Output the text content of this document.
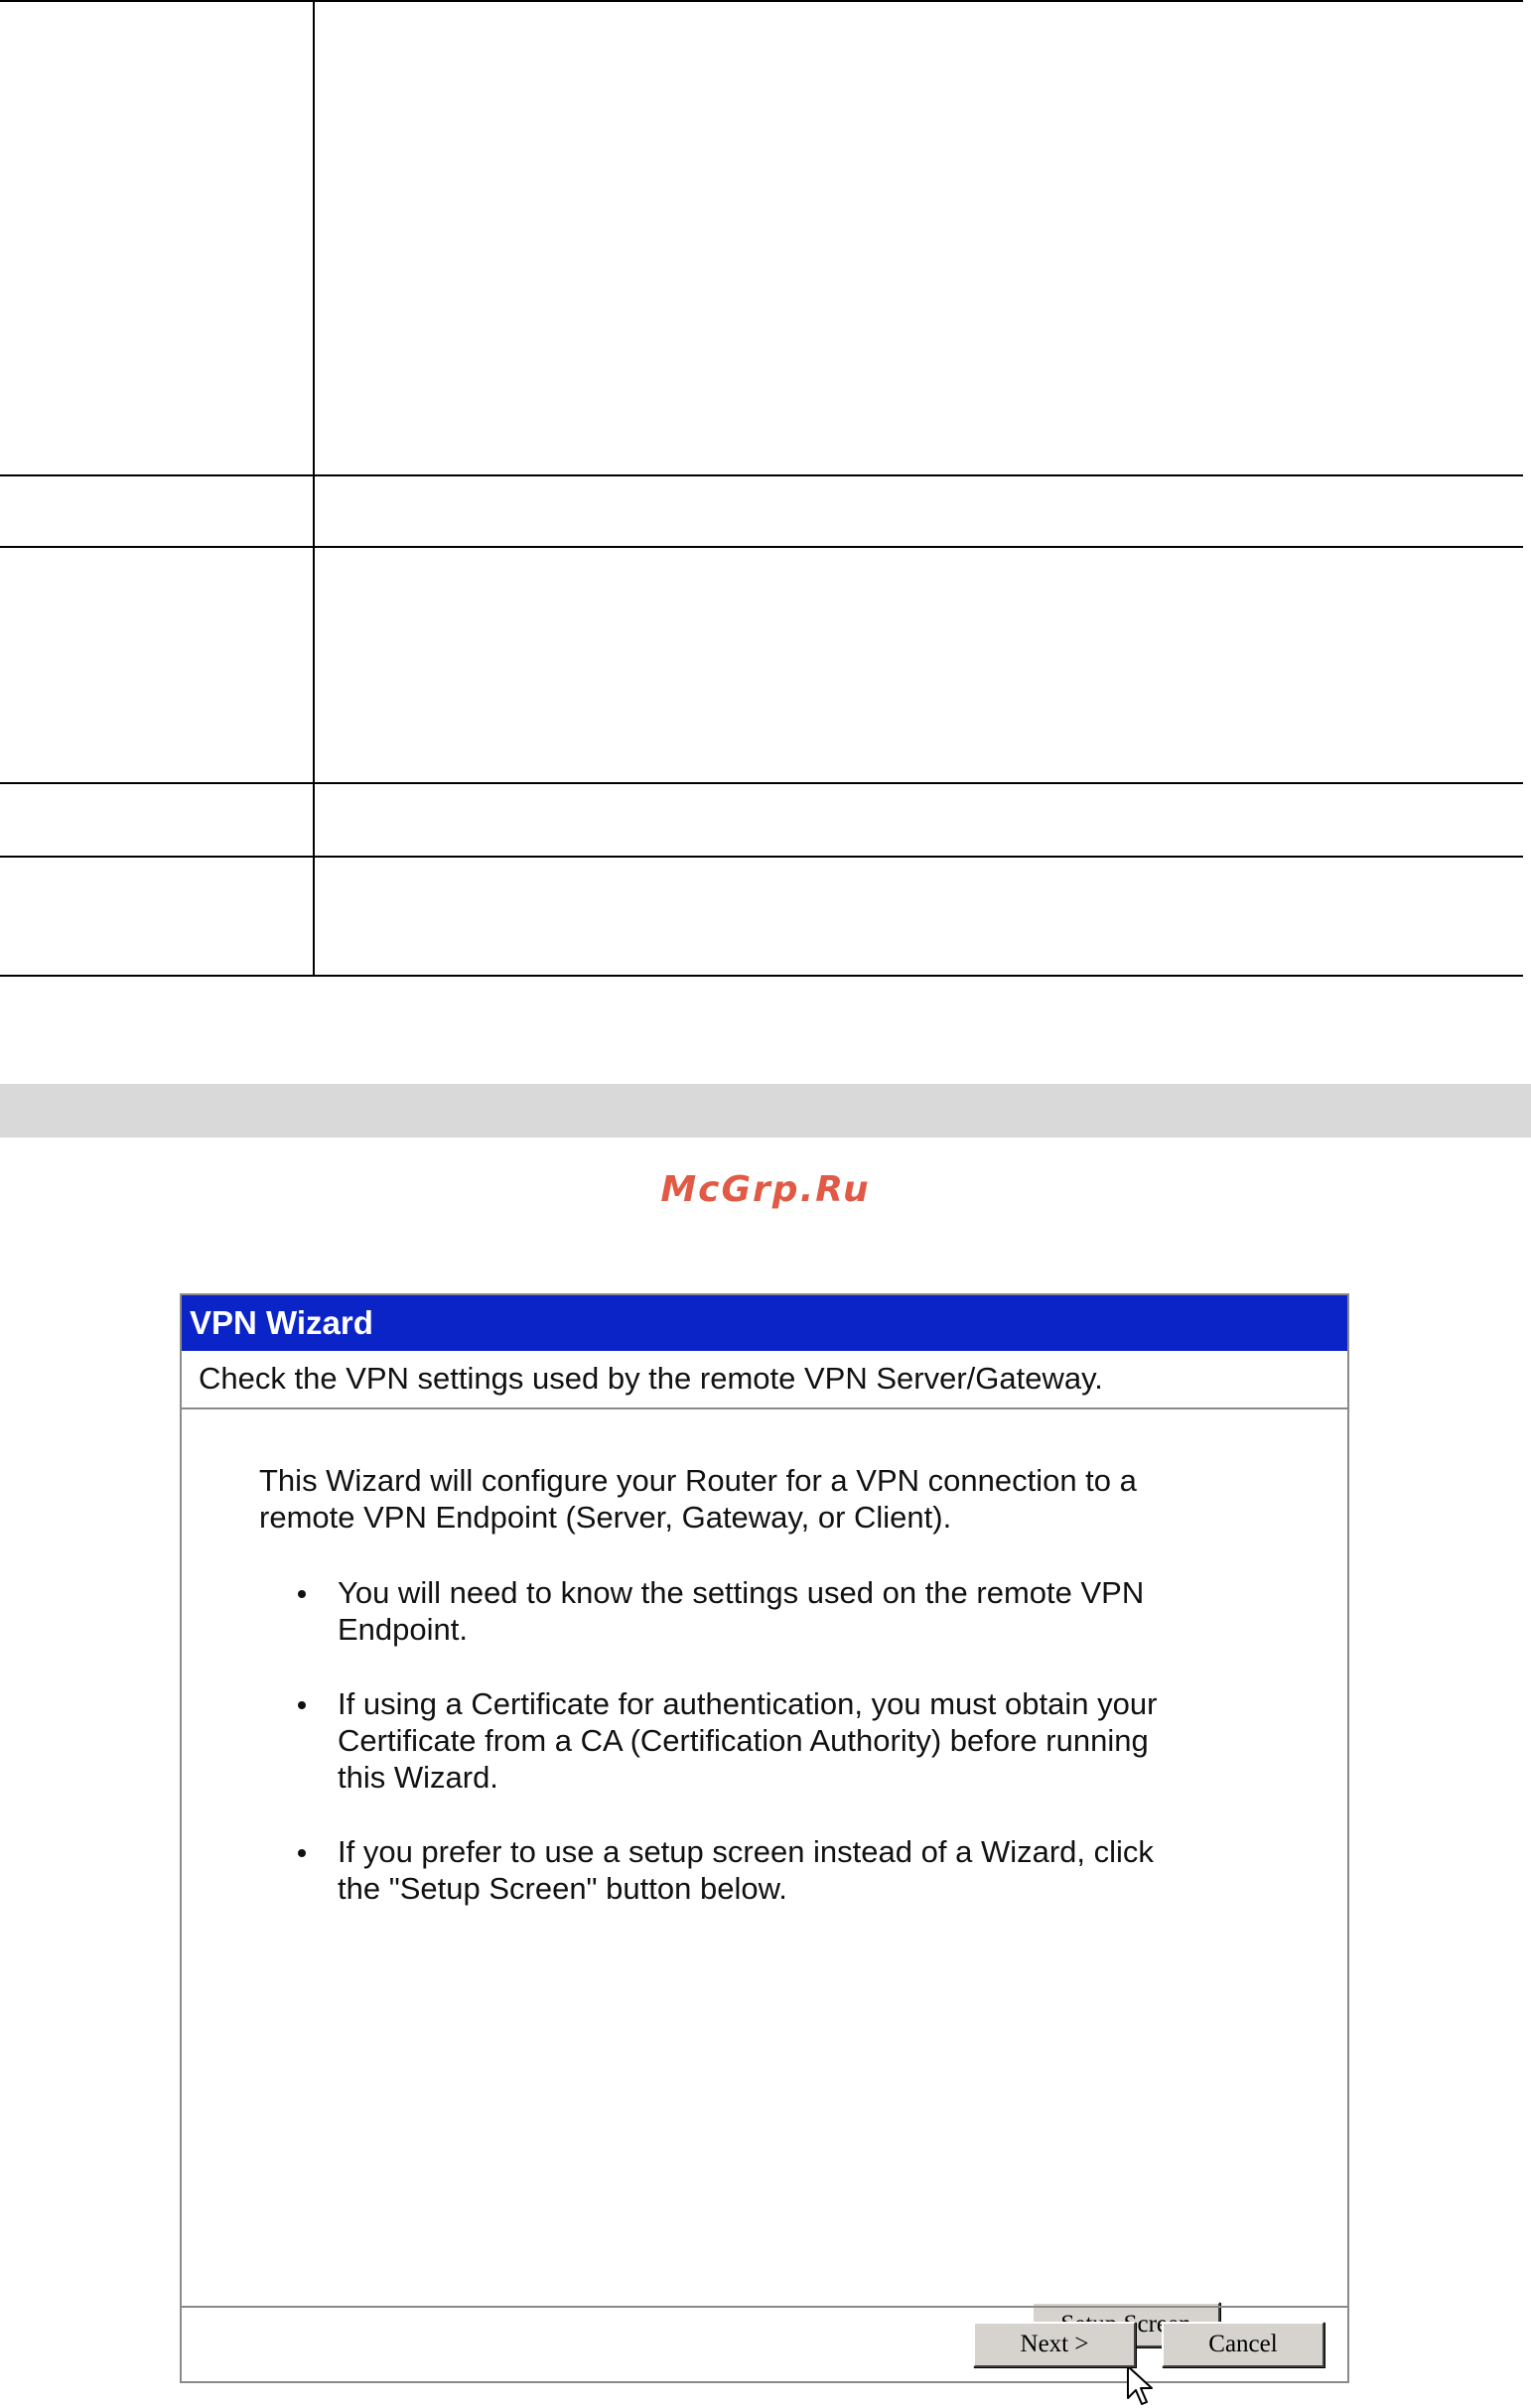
McGrp.Ru
VPN Wizard
Check the VPN settings used by the remote VPN Server/Gateway.
This Wizard will configure your Router for a VPN connection to a remote VPN Endpoint (Server, Gateway, or Client).
You will need to know the settings used on the remote VPN Endpoint.
If using a Certificate for authentication, you must obtain your Certificate from a CA (Certification Authority) before running this Wizard.
If you prefer to use a setup screen instead of a Wizard, click the "Setup Screen" button below.
Screen
Next >	Cancel
